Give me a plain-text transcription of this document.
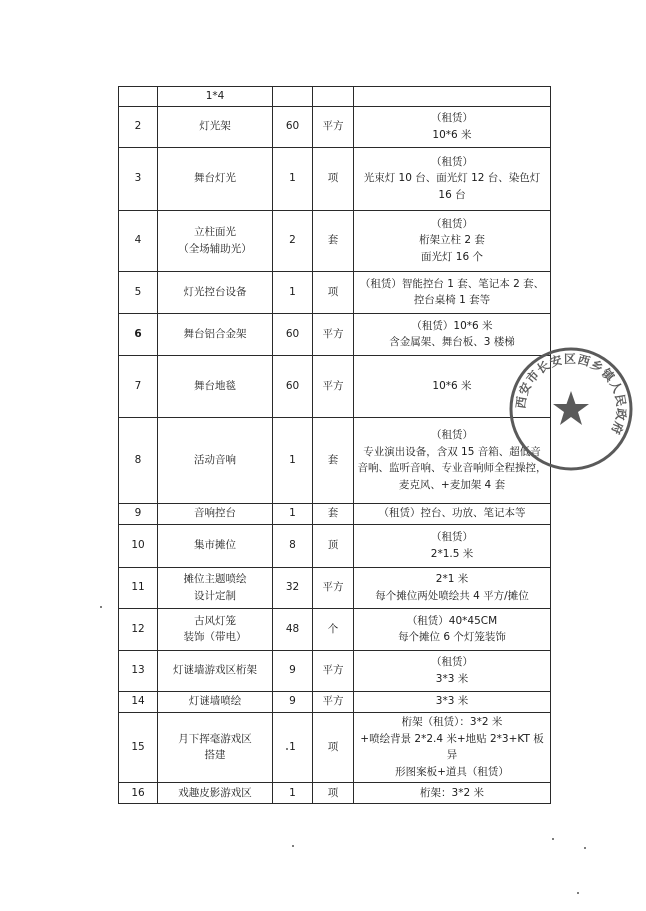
	1*4			

2	灯光架	60	平方	（租赁）
10*6 米

3	舞台灯光	1	项	（租赁）
光束灯 10 台、面光灯 12 台、染色灯
16 台

4	立柱面光
（全场辅助光）	2	套	（租赁）
桁架立柱 2 套
面光灯 16 个

5	灯光控台设备	1	项	（租赁）智能控台 1 套、笔记本 2 套、
控台桌椅 1 套等

6	舞台铝合金架	60	平方	（租赁）10*6 米
含金属架、舞台板、3 楼梯

7	舞台地毯	60	平方	10*6 米

8	活动音响	1	套	（租赁）
专业演出设备，含双 15 音箱、超低音
音响、监听音响、专业音响师全程操控，
麦克风、+麦加架 4 套

9	音响控台	1	套	（租赁）控台、功放、笔记本等

10	集市摊位	8	顶	（租赁）
2*1.5 米

11	摊位主题喷绘
设计定制	32	平方	2*1 米
每个摊位两处喷绘共 4 平方/摊位

12	古风灯笼
装饰（带电）	48	个	（租赁）40*45CM
每个摊位 6 个灯笼装饰

13	灯谜墙游戏区桁架	9	平方	（租赁）
3*3 米

14	灯谜墙喷绘	9	平方	3*3 米

15	月下挥毫游戏区
搭建	1	项	桁架（租赁）：3*2 米
+喷绘背景 2*2.4 米+地贴 2*3+KT 板异
形图案板+道具（租赁）

16	戏趣皮影游戏区	1	项	桁架：3*2 米
西安市长安区西乡镇人民政府
